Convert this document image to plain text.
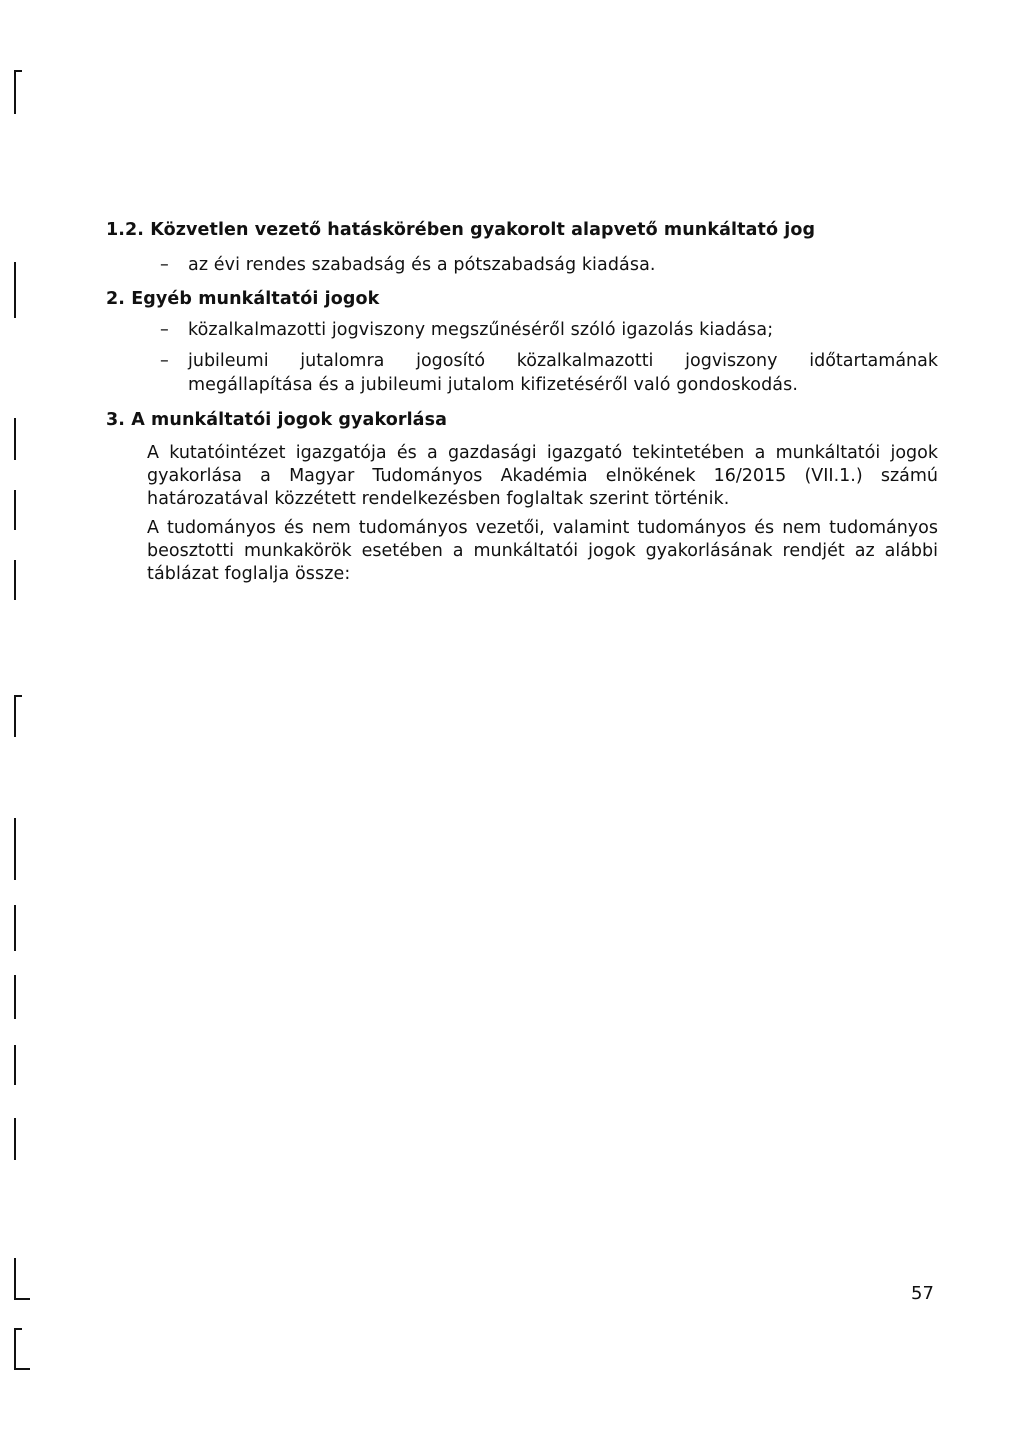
1.2. Közvetlen vezető hatáskörében gyakorolt alapvető munkáltató jog
– az évi rendes szabadság és a pótszabadság kiadása.
2. Egyéb munkáltatói jogok
– közalkalmazotti jogviszony megszűnéséről szóló igazolás kiadása;
– jubileumi jutalomra jogosító közalkalmazotti jogviszony időtartamának
megállapítása és a jubileumi jutalom kifizetéséről való gondoskodás.
3. A munkáltatói jogok gyakorlása
A kutatóintézet igazgatója és a gazdasági igazgató tekintetében a munkáltatói jogok
gyakorlása a Magyar Tudományos Akadémia elnökének 16/2015 (VII.1.) számú
határozatával közzétett rendelkezésben foglaltak szerint történik.
A tudományos és nem tudományos vezetői, valamint tudományos és nem tudományos
beosztotti munkakörök esetében a munkáltatói jogok gyakorlásának rendjét az alábbi
táblázat foglalja össze:
57
